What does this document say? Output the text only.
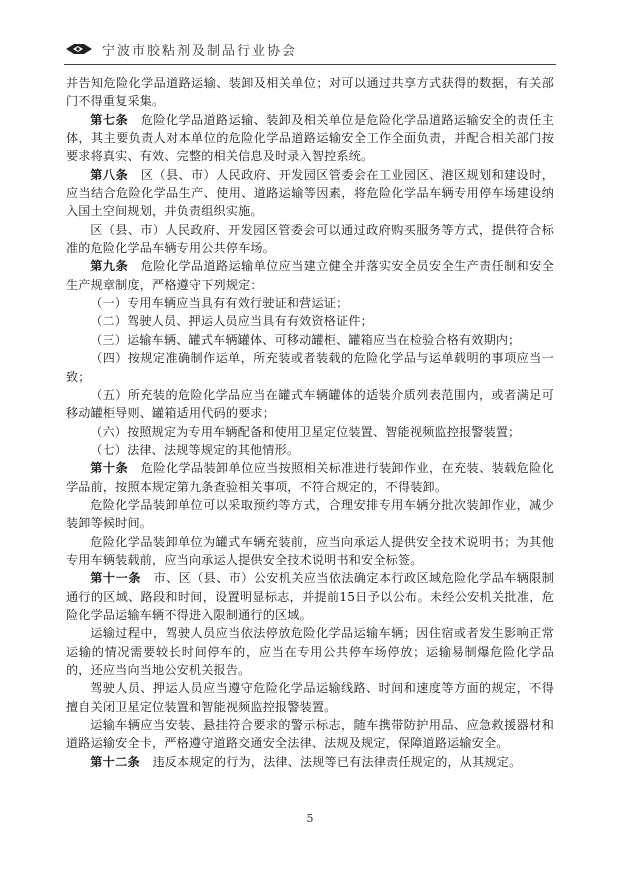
宁波市胶粘剂及制品行业协会

并告知危险化学品道路运输、装卸及相关单位；对可以通过共享方式获得的数据，有关部门不得重复采集。

第七条　危险化学品道路运输、装卸及相关单位是危险化学品道路运输安全的责任主体，其主要负责人对本单位的危险化学品道路运输安全工作全面负责，并配合相关部门按要求将真实、有效、完整的相关信息及时录入智控系统。

第八条　区（县、市）人民政府、开发园区管委会在工业园区、港区规划和建设时，应当结合危险化学品生产、使用、道路运输等因素，将危险化学品车辆专用停车场建设纳入国土空间规划，并负责组织实施。

区（县、市）人民政府、开发园区管委会可以通过政府购买服务等方式，提供符合标准的危险化学品车辆专用公共停车场。

第九条　危险化学品道路运输单位应当建立健全并落实安全员安全生产责任制和安全生产规章制度，严格遵守下列规定：

（一）专用车辆应当具有有效行驶证和营运证；

（二）驾驶人员、押运人员应当具有有效资格证件；

（三）运输车辆、罐式车辆罐体、可移动罐柜、罐箱应当在检验合格有效期内；

（四）按规定准确制作运单，所充装或者装载的危险化学品与运单载明的事项应当一致；

（五）所充装的危险化学品应当在罐式车辆罐体的适装介质列表范围内，或者满足可移动罐柜导则、罐箱适用代码的要求；

（六）按照规定为专用车辆配备和使用卫星定位装置、智能视频监控报警装置；

（七）法律、法规等规定的其他情形。

第十条　危险化学品装卸单位应当按照相关标准进行装卸作业，在充装、装载危险化学品前，按照本规定第九条查验相关事项，不符合规定的，不得装卸。

危险化学品装卸单位可以采取预约等方式，合理安排专用车辆分批次装卸作业，减少装卸等候时间。

危险化学品装卸单位为罐式车辆充装前，应当向承运人提供安全技术说明书；为其他专用车辆装载前，应当向承运人提供安全技术说明书和安全标签。

第十一条　市、区（县、市）公安机关应当依法确定本行政区域危险化学品车辆限制通行的区域、路段和时间，设置明显标志，并提前15日予以公布。未经公安机关批准，危险化学品运输车辆不得进入限制通行的区域。

运输过程中，驾驶人员应当依法停放危险化学品运输车辆；因住宿或者发生影响正常运输的情况需要较长时间停车的，应当在专用公共停车场停放；运输易制爆危险化学品的，还应当向当地公安机关报告。

驾驶人员、押运人员应当遵守危险化学品运输线路、时间和速度等方面的规定，不得擅自关闭卫星定位装置和智能视频监控报警装置。

运输车辆应当安装、悬挂符合要求的警示标志，随车携带防护用品、应急救援器材和道路运输安全卡，严格遵守道路交通安全法律、法规及规定，保障道路运输安全。

第十二条　违反本规定的行为，法律、法规等已有法律责任规定的，从其规定。

5
